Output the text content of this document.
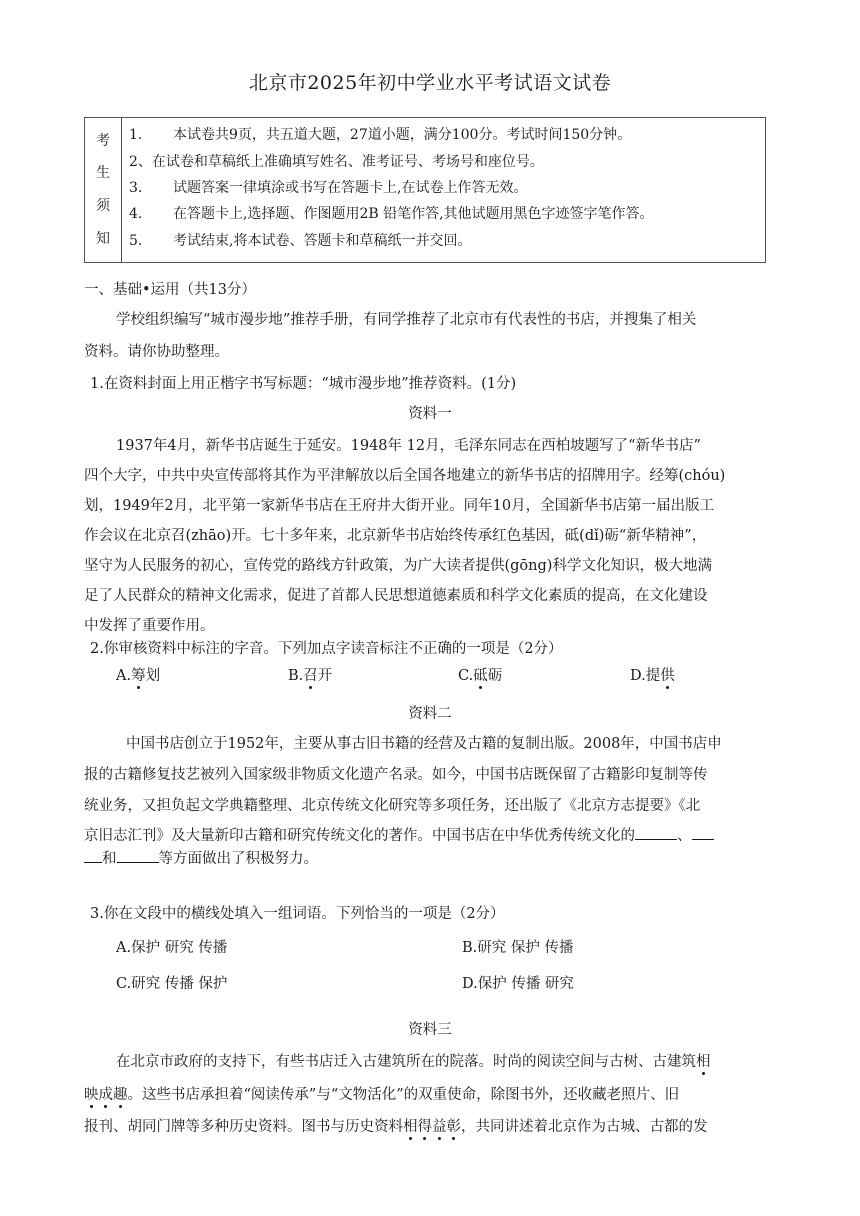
北京市2025年初中学业水平考试语文试卷
考
生
须
知
1. 本试卷共9页，共五道大题，27道小题，满分100分。考试时间150分钟。
2、在试卷和草稿纸上准确填写姓名、准考证号、考场号和座位号。
3. 试题答案一律填涂或书写在答题卡上,在试卷上作答无效。
4. 在答题卡上,选择题、作图题用2B 铅笔作答,其他试题用黑色字迹签字笔作答。
5. 考试结束,将本试卷、答题卡和草稿纸一并交回。
一、基础•运用（共13分）
学校组织编写“城市漫步地”推荐手册，有同学推荐了北京市有代表性的书店，并搜集了相关
资料。请你协助整理。
1.在资料封面上用正楷字书写标题：“城市漫步地”推荐资料。(1分)
资料一
1937年4月，新华书店诞生于延安。1948年 12月，毛泽东同志在西柏坡题写了“新华书店”
四个大字，中共中央宣传部将其作为平津解放以后全国各地建立的新华书店的招牌用字。经筹(chóu)
划，1949年2月，北平第一家新华书店在王府井大街开业。同年10月，全国新华书店第一届出版工
作会议在北京召(zhāo)开。七十多年来，北京新华书店始终传承红色基因，砥(dǐ)砺“新华精神”，
坚守为人民服务的初心，宣传党的路线方针政策，为广大读者提供(gōng)科学文化知识，极大地满
足了人民群众的精神文化需求，促进了首都人民思想道德素质和科学文化素质的提高，在文化建设
中发挥了重要作用。
2.你审核资料中标注的字音。下列加点字读音标注不正确的一项是（2分）
A.筹划	B.召开	C.砥砺	D.提供
资料二
中国书店创立于1952年，主要从事古旧书籍的经营及古籍的复制出版。2008年，中国书店申
报的古籍修复技艺被列入国家级非物质文化遗产名录。如今，中国书店既保留了古籍影印复制等传
统业务，又担负起文学典籍整理、北京传统文化研究等多项任务，还出版了《北京方志提要》《北
京旧志汇刊》及大量新印古籍和研究传统文化的著作。中国书店在中华优秀传统文化的	、
和	等方面做出了积极努力。
3.你在文段中的横线处填入一组词语。下列恰当的一项是（2分）
A.保护 研究 传播	B.研究 保护 传播
C.研究 传播 保护	D.保护 传播 研究
资料三
在北京市政府的支持下，有些书店迁入古建筑所在的院落。时尚的阅读空间与古树、古建筑相
映成趣。这些书店承担着“阅读传承”与“文物活化”的双重使命，除图书外，还收藏老照片、旧
报刊、胡同门牌等多种历史资料。图书与历史资料相得益彰，共同讲述着北京作为古城、古都的发
